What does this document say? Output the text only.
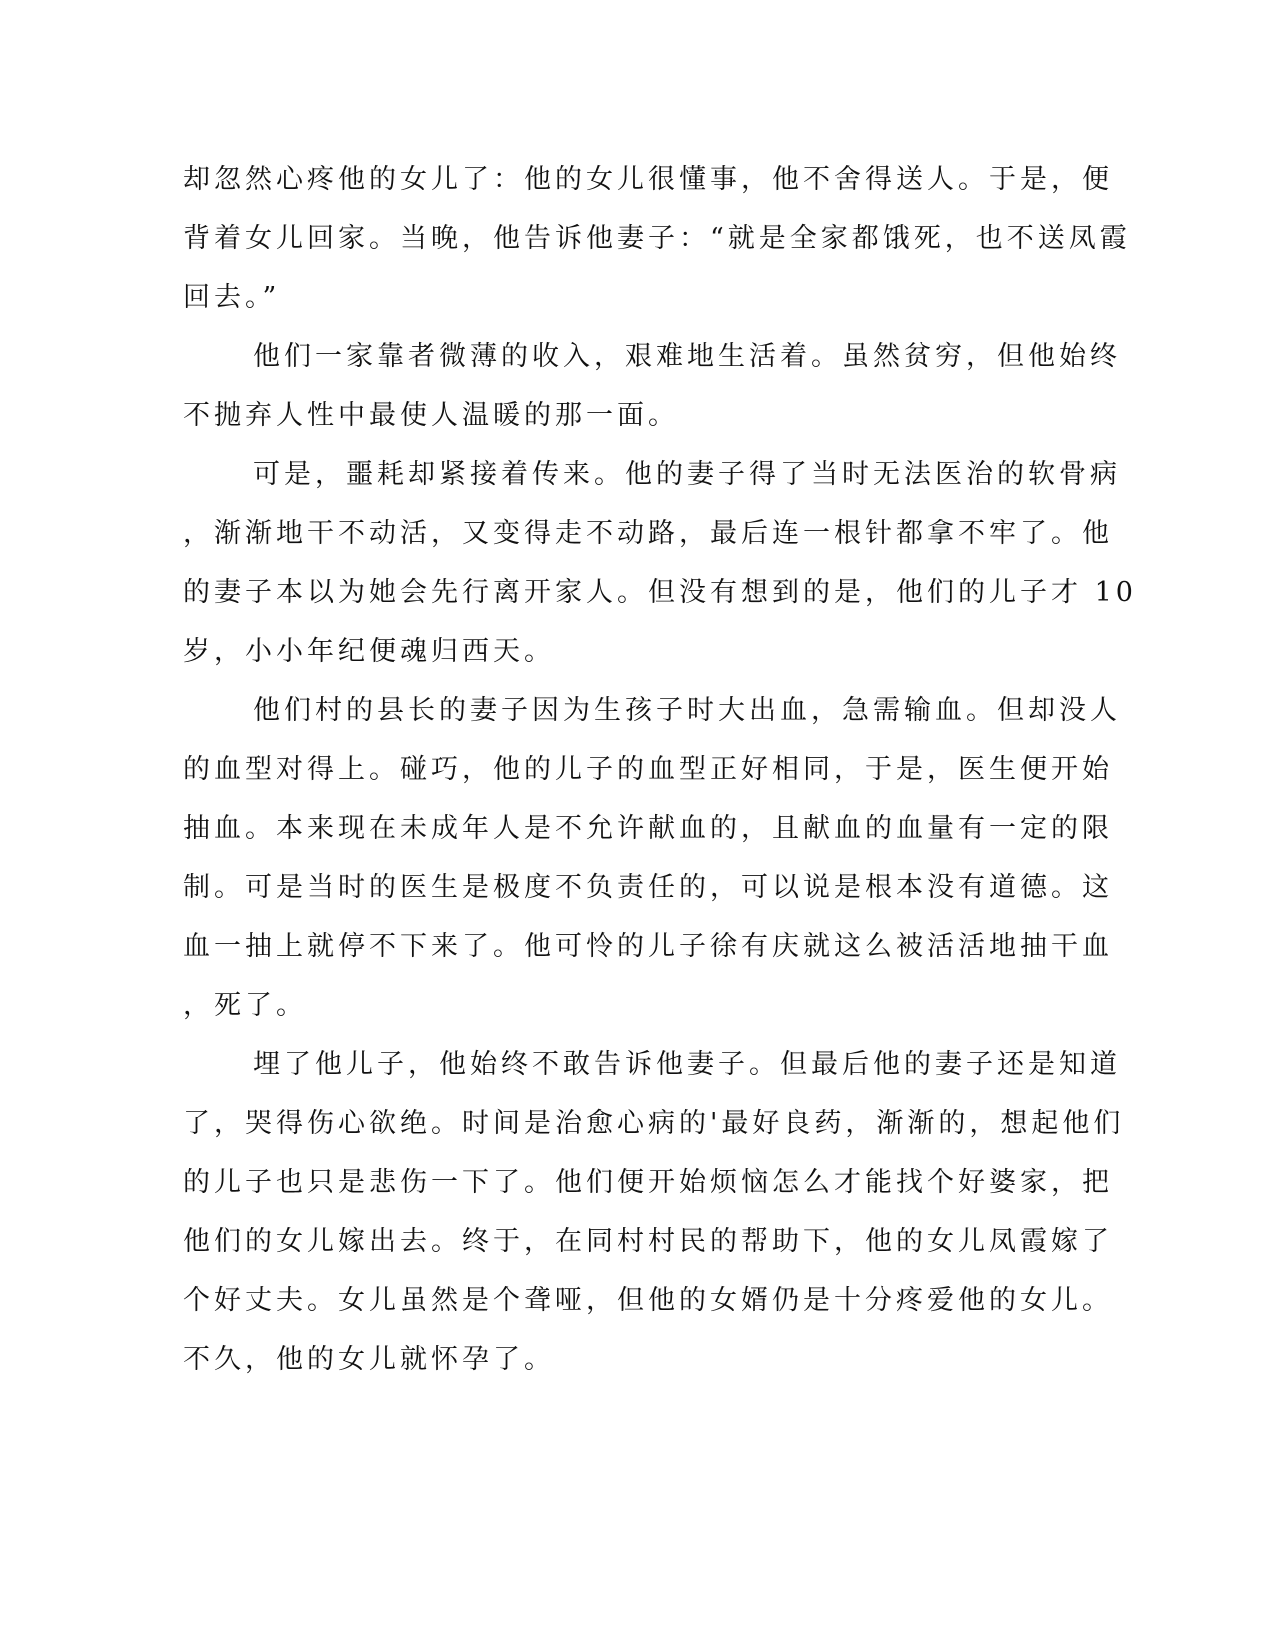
却忽然心疼他的女儿了：他的女儿很懂事，他不舍得送人。于是，便
背着女儿回家。当晚，他告诉他妻子：“就是全家都饿死，也不送凤霞
回去。”
他们一家靠者微薄的收入，艰难地生活着。虽然贫穷，但他始终
不抛弃人性中最使人温暖的那一面。
可是，噩耗却紧接着传来。他的妻子得了当时无法医治的软骨病
，渐渐地干不动活，又变得走不动路，最后连一根针都拿不牢了。他
的妻子本以为她会先行离开家人。但没有想到的是，他们的儿子才 10
岁，小小年纪便魂归西天。
他们村的县长的妻子因为生孩子时大出血，急需输血。但却没人
的血型对得上。碰巧，他的儿子的血型正好相同，于是，医生便开始
抽血。本来现在未成年人是不允许献血的，且献血的血量有一定的限
制。可是当时的医生是极度不负责任的，可以说是根本没有道德。这
血一抽上就停不下来了。他可怜的儿子徐有庆就这么被活活地抽干血
，死了。
埋了他儿子，他始终不敢告诉他妻子。但最后他的妻子还是知道
了，哭得伤心欲绝。时间是治愈心病的'最好良药，渐渐的，想起他们
的儿子也只是悲伤一下了。他们便开始烦恼怎么才能找个好婆家，把
他们的女儿嫁出去。终于，在同村村民的帮助下，他的女儿凤霞嫁了
个好丈夫。女儿虽然是个聋哑，但他的女婿仍是十分疼爱他的女儿。
不久，他的女儿就怀孕了。
